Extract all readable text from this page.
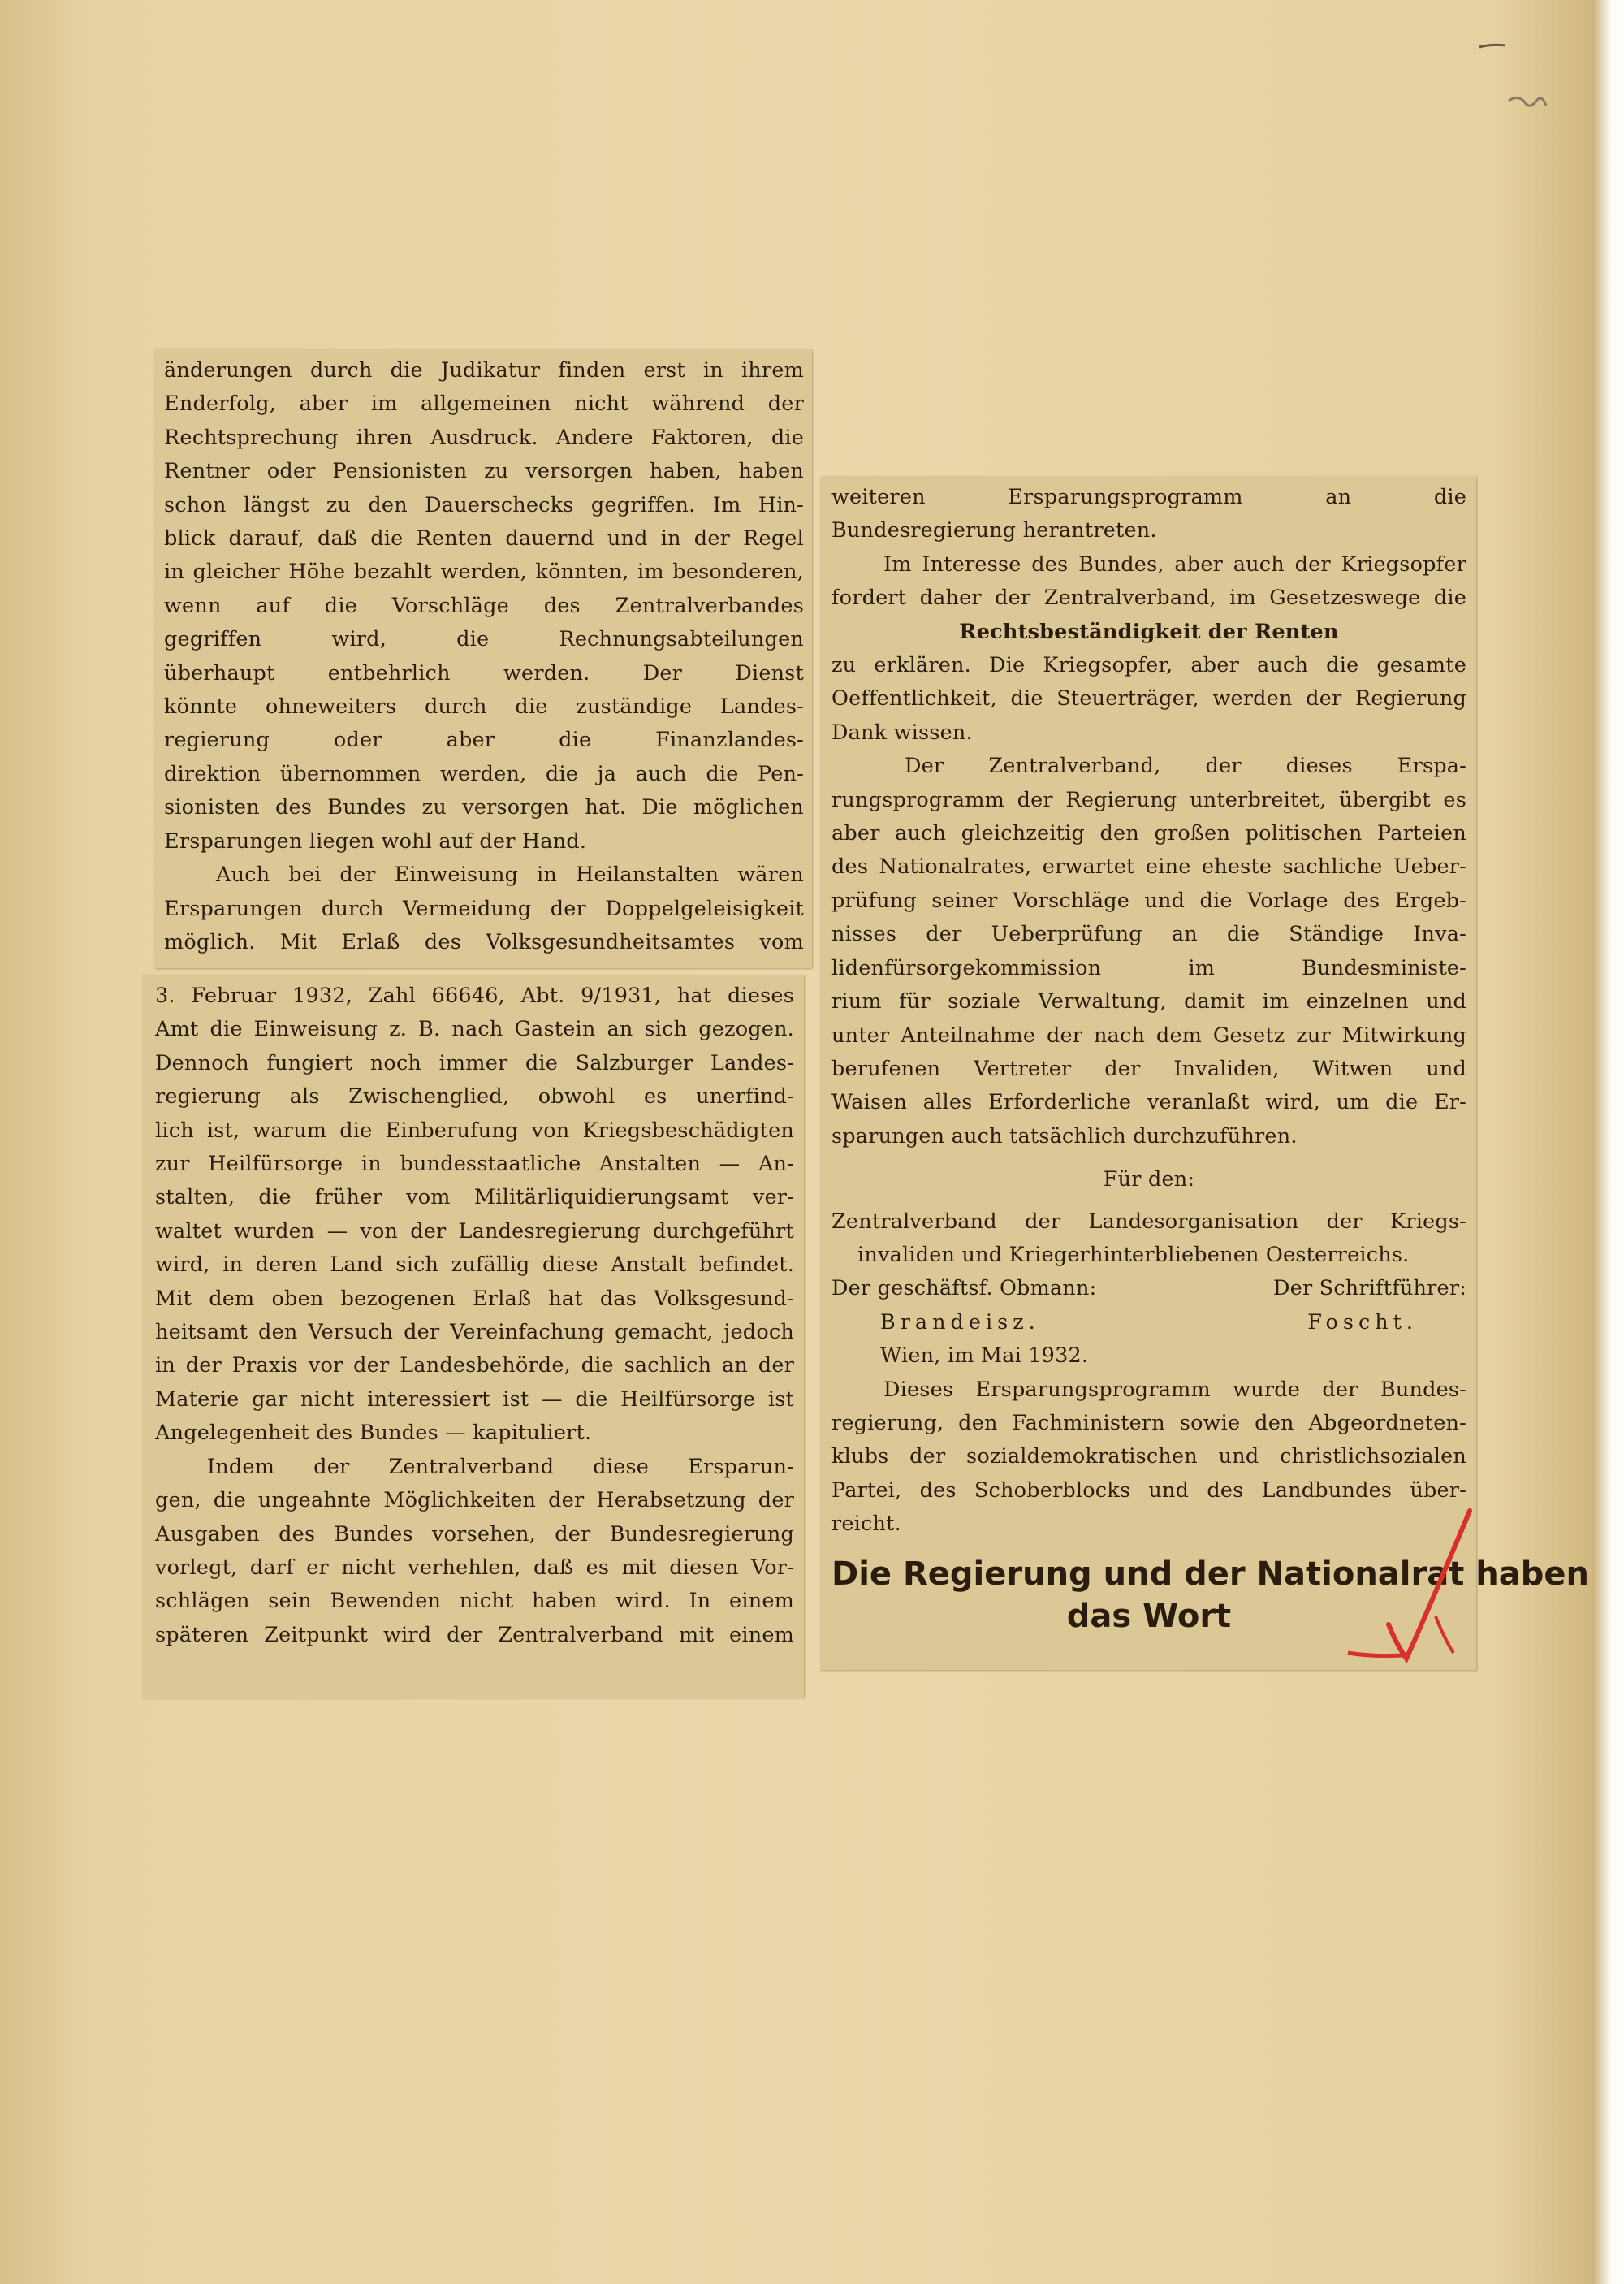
änderungen durch die Judikatur finden erst in ihrem

Enderfolg, aber im allgemeinen nicht während der

Rechtsprechung ihren Ausdruck. Andere Faktoren, die

Rentner oder Pensionisten zu versorgen haben, haben

schon längst zu den Dauerschecks gegriffen. Im Hin-

blick darauf, daß die Renten dauernd und in der Regel

in gleicher Höhe bezahlt werden, könnten, im besonderen,

wenn auf die Vorschläge des Zentralverbandes

gegriffen wird, die Rechnungsabteilungen

überhaupt entbehrlich werden. Der Dienst

könnte ohneweiters durch die zuständige Landes-

regierung oder aber die Finanzlandes-

direktion übernommen werden, die ja auch die Pen-

sionisten des Bundes zu versorgen hat. Die möglichen

Ersparungen liegen wohl auf der Hand.

Auch bei der Einweisung in Heilanstalten wären

Ersparungen durch Vermeidung der Doppelgeleisigkeit

möglich. Mit Erlaß des Volksgesundheitsamtes vom

3. Februar 1932, Zahl 66646, Abt. 9/1931, hat dieses

Amt die Einweisung z. B. nach Gastein an sich gezogen.

Dennoch fungiert noch immer die Salzburger Landes-

regierung als Zwischenglied, obwohl es unerfind-

lich ist, warum die Einberufung von Kriegsbeschädigten

zur Heilfürsorge in bundesstaatliche Anstalten — An-

stalten, die früher vom Militärliquidierungsamt ver-

waltet wurden — von der Landesregierung durchgeführt

wird, in deren Land sich zufällig diese Anstalt befindet.

Mit dem oben bezogenen Erlaß hat das Volksgesund-

heitsamt den Versuch der Vereinfachung gemacht, jedoch

in der Praxis vor der Landesbehörde, die sachlich an der

Materie gar nicht interessiert ist — die Heilfürsorge ist

Angelegenheit des Bundes — kapituliert.

Indem der Zentralverband diese Ersparun-

gen, die ungeahnte Möglichkeiten der Herabsetzung der

Ausgaben des Bundes vorsehen, der Bundesregierung

vorlegt, darf er nicht verhehlen, daß es mit diesen Vor-

schlägen sein Bewenden nicht haben wird. In einem

späteren Zeitpunkt wird der Zentralverband mit einem

weiteren Ersparungsprogramm an die

Bundesregierung herantreten.

Im Interesse des Bundes, aber auch der Kriegsopfer

fordert daher der Zentralverband, im Gesetzeswege die

Rechtsbeständigkeit der Renten

zu erklären. Die Kriegsopfer, aber auch die gesamte

Oeffentlichkeit, die Steuerträger, werden der Regierung

Dank wissen.

Der Zentralverband, der dieses Erspa-

rungsprogramm der Regierung unterbreitet, übergibt es

aber auch gleichzeitig den großen politischen Parteien

des Nationalrates, erwartet eine eheste sachliche Ueber-

prüfung seiner Vorschläge und die Vorlage des Ergeb-

nisses der Ueberprüfung an die Ständige Inva-

lidenfürsorgekommission im Bundesministe-

rium für soziale Verwaltung, damit im einzelnen und

unter Anteilnahme der nach dem Gesetz zur Mitwirkung

berufenen Vertreter der Invaliden, Witwen und

Waisen alles Erforderliche veranlaßt wird, um die Er-

sparungen auch tatsächlich durchzuführen.

Für den:

Zentralverband der Landesorganisation der Kriegs-

invaliden und Kriegerhinterbliebenen Oesterreichs.

Der geschäftsf. Obmann:	Der Schriftführer:

Brandeisz.	Foscht.

Wien, im Mai 1932.

Dieses Ersparungsprogramm wurde der Bundes-

regierung, den Fachministern sowie den Abgeordneten-

klubs der sozialdemokratischen und christlichsozialen

Partei, des Schoberblocks und des Landbundes über-

reicht.

Die Regierung und der Nationalrat haben

das Wort
